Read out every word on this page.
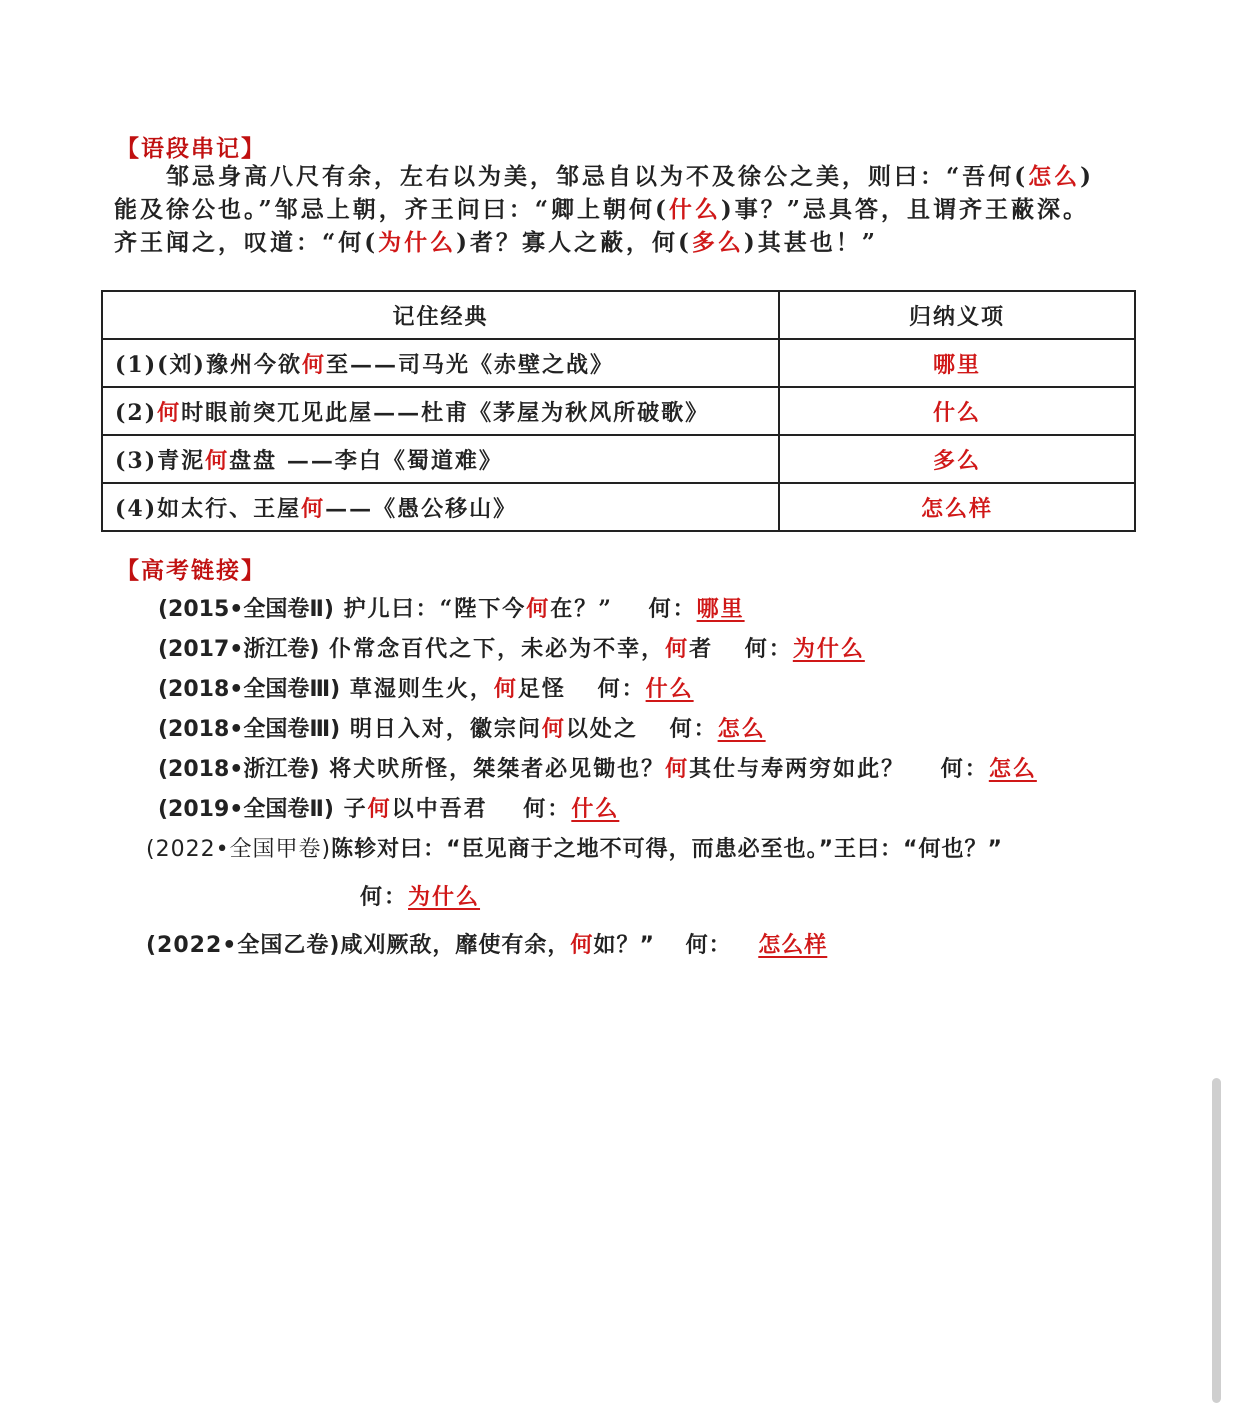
【语段串记】
邹忌身高八尺有余，左右以为美，邹忌自以为不及徐公之美，则曰：“吾何(怎么)
能及徐公也。”邹忌上朝，齐王问曰：“卿上朝何(什么)事？”忌具答，且谓齐王蔽深。
齐王闻之，叹道：“何(为什么)者？寡人之蔽，何(多么)其甚也！”
记住经典	归纳义项
(1)(刘)豫州今欲何至——司马光《赤壁之战》	哪里
(2)何时眼前突兀见此屋——杜甫《茅屋为秋风所破歌》	什么
(3)青泥何盘盘 ——李白《蜀道难》	多么
(4)如太行、王屋何——《愚公移山》	怎么样
【高考链接】
(2015•全国卷Ⅱ) 护儿曰：“陛下今何在？” 何：哪里
(2017•浙江卷) 仆常念百代之下，未必为不幸，何者 何：为什么
(2018•全国卷Ⅲ) 草湿则生火，何足怪 何：什么
(2018•全国卷Ⅲ) 明日入对，徽宗问何以处之 何：怎么
(2018•浙江卷) 将犬吠所怪，桀桀者必见锄也？何其仕与寿两穷如此？ 何：怎么
(2019•全国卷Ⅱ) 子何以中吾君 何：什么
(2022•全国甲卷)陈轸对曰：“臣见商于之地不可得，而患必至也。”王曰：“何也？”
何：为什么
(2022•全国乙卷)咸刈厥敌，靡使有余，何如？” 何： 怎么样
